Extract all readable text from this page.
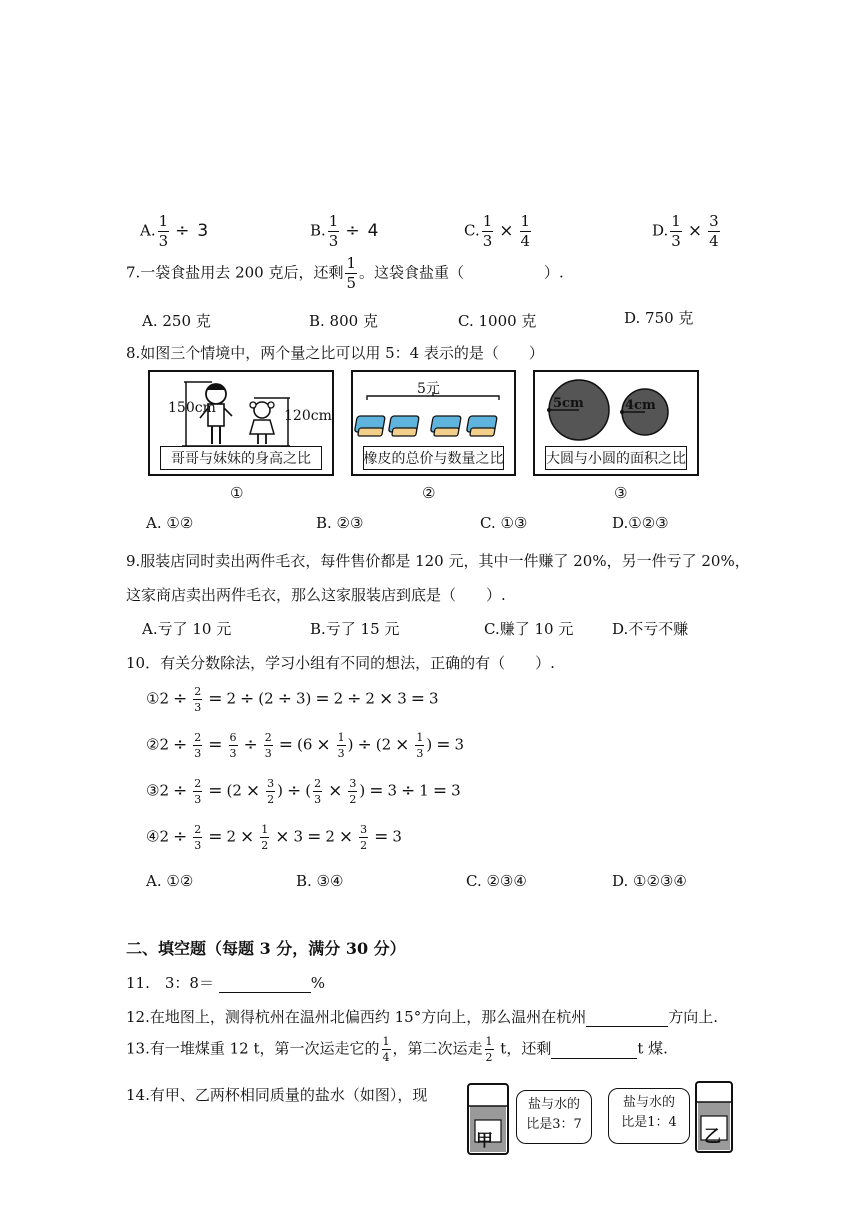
A. $\frac{1}{3} \div 3$	B. $\frac{1}{3} \div 4$	C. $\frac{1}{3} \times \frac{1}{4}$	D. $\frac{1}{3} \times \frac{3}{4}$
7.一袋食盐用去 200 克后，还剩 $\frac{1}{5}$ 。这袋食盐重（	）.
A. 250 克	B. 800 克	C. 1000 克	D. 750 克
8.如图三个情境中，两个量之比可以用 5：4 表示的是（　　）
150cm	120cm
哥哥与妹妹的身高之比
①
5元
橡皮的总价与数量之比
②
5cm	4cm
大圆与小圆的面积之比
③
A. ①②	B. ②③	C. ①③	D.①②③
9.服装店同时卖出两件毛衣，每件售价都是 120 元，其中一件赚了 20%，另一件亏了 20%，
这家商店卖出两件毛衣，那么这家服装店到底是（　　）.
A.亏了 10 元	B.亏了 15 元	C.赚了 10 元	D.不亏不赚
10．有关分数除法，学习小组有不同的想法，正确的有（　　）.
①2 ÷ $\frac{2}{3} = 2 \div (2 \div 3) = 2 \div 2 \times 3 = 3$
②2 ÷ $\frac{2}{3} = \frac{6}{3} \div \frac{2}{3} = (6 \times \frac{1}{3}$ ) ÷ ($2 \times \frac{1}{3}$ ) = 3
③2 ÷ $\frac{2}{3} = (2 \times \frac{3}{2}$ ) ÷ ( $\frac{2}{3} \times \frac{3}{2}$ ) = 3 ÷ 1 = 3
④2 ÷ $\frac{2}{3} = 2 \times \frac{1}{2} \times 3 = 2 \times \frac{3}{2} = 3$
A. ①②	B. ③④	C. ②③④	D. ①②③④
二、填空题（每题 3 分，满分 30 分）
11.　3：8＝	%
12.在地图上，测得杭州在温州北偏西约 15°方向上，那么温州在杭州	方向上.
13.有一堆煤重 12 t，第一次运走它的 $\frac{1}{4}$ ，第二次运走 $\frac{1}{2}$ t，还剩	t 煤.
14.有甲、乙两杯相同质量的盐水（如图），现
甲
盐与水的
比是3：7
盐与水的
比是1：4
乙
